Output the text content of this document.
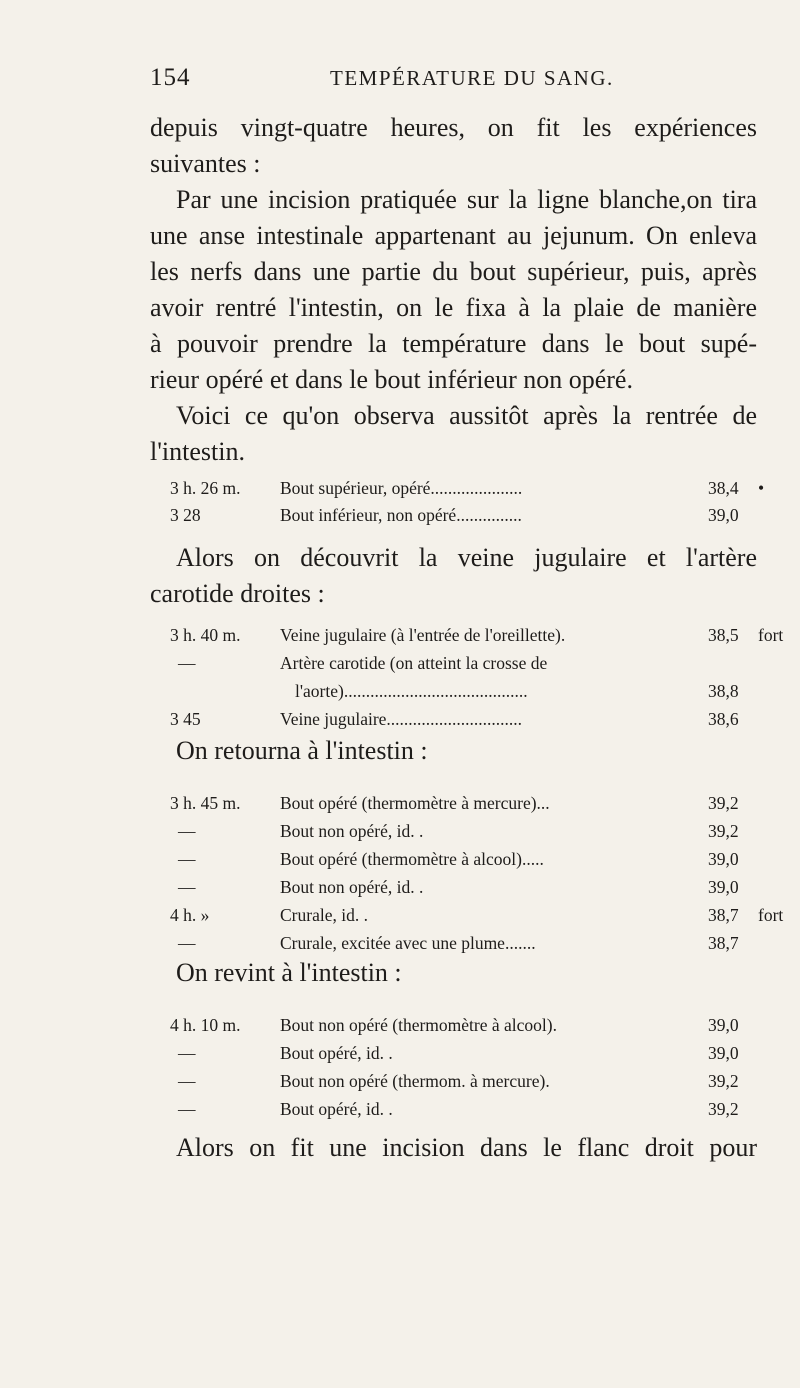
154	TEMPÉRATURE DU SANG.
depuis vingt-quatre heures, on fit les expériences
suivantes :
Par une incision pratiquée sur la ligne blanche,on tira
une anse intestinale appartenant au jejunum. On enleva
les nerfs dans une partie du bout supérieur, puis, après
avoir rentré l'intestin, on le fixa à la plaie de manière
à pouvoir prendre la température dans le bout supé-
rieur opéré et dans le bout inférieur non opéré.
Voici ce qu'on observa aussitôt après la rentrée de
l'intestin.
3 h. 26 m. Bout supérieur, opéré.....................	38,4 •
3 28	Bout inférieur, non opéré...............	39,0
Alors on découvrit la veine jugulaire et l'artère
carotide droites :
3 h. 40 m. Veine jugulaire (à l'entrée de l'oreillette).	38,5 fort
—	Artère carotide (on atteint la crosse de
l'aorte)..........................................	38,8
3 45	Veine jugulaire...............................	38,6
On retourna à l'intestin :
3 h. 45 m. Bout opéré (thermomètre à mercure)...	39,2
—	Bout non opéré, id. .	39,2
—	Bout opéré (thermomètre à alcool).....	39,0
—	Bout non opéré, id. .	39,0
4 h. »	Crurale, id. .	38,7 fort
—	Crurale, excitée avec une plume.......	38,7
On revint à l'intestin :
4 h. 10 m. Bout non opéré (thermomètre à alcool).	39,0
—	Bout opéré, id. .	39,0
—	Bout non opéré (thermom. à mercure).	39,2
—	Bout opéré, id. .	39,2
Alors on fit une incision dans le flanc droit pour
